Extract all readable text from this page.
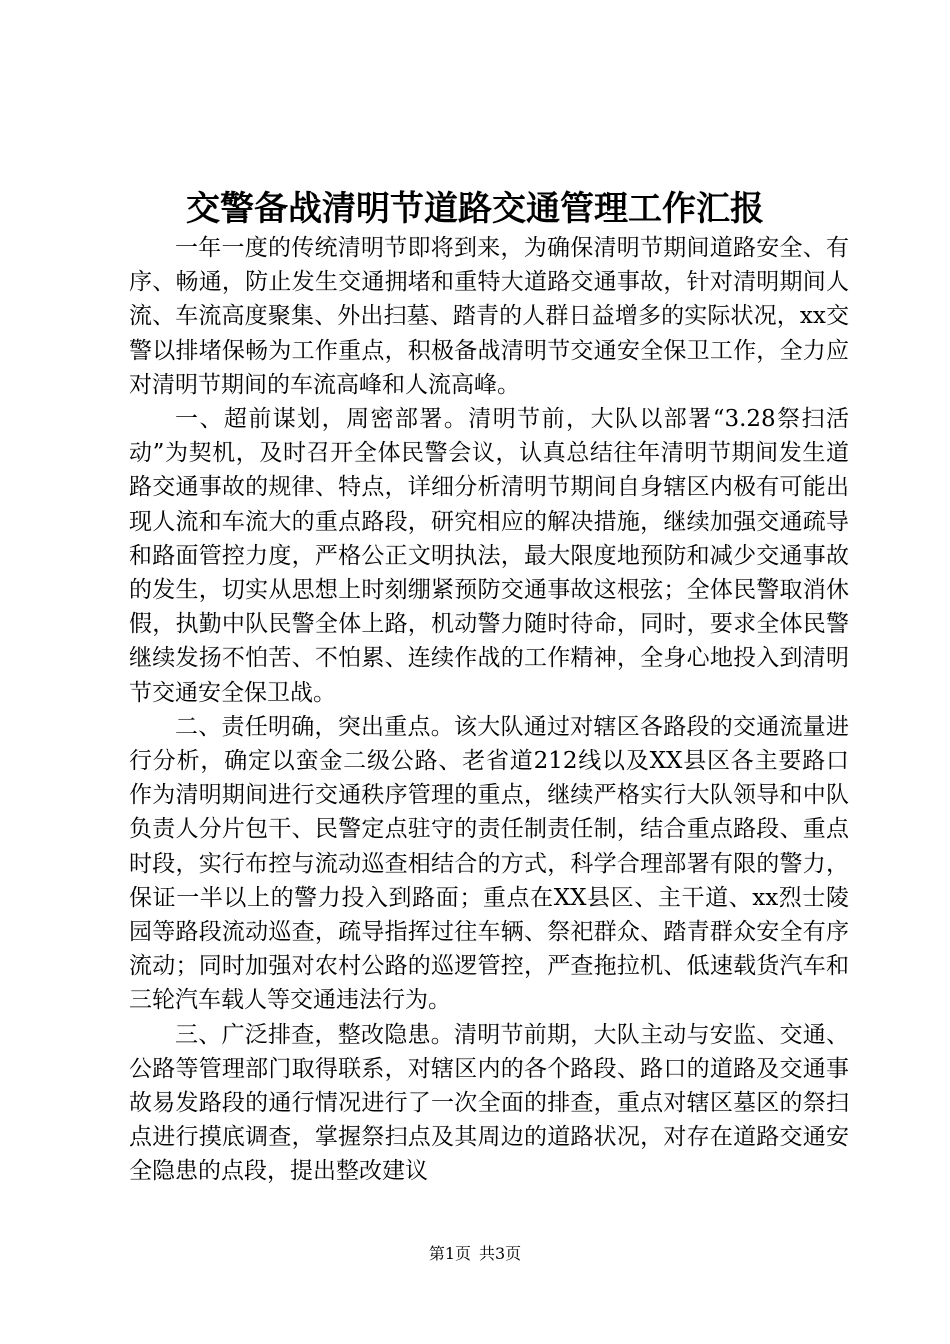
交警备战清明节道路交通管理工作汇报

一年一度的传统清明节即将到来，为确保清明节期间道路安全、有序、畅通，防止发生交通拥堵和重特大道路交通事故，针对清明期间人流、车流高度聚集、外出扫墓、踏青的人群日益增多的实际状况，xx交警以排堵保畅为工作重点，积极备战清明节交通安全保卫工作，全力应对清明节期间的车流高峰和人流高峰。

一、超前谋划，周密部署。清明节前，大队以部署“3.28祭扫活动”为契机，及时召开全体民警会议，认真总结往年清明节期间发生道路交通事故的规律、特点，详细分析清明节期间自身辖区内极有可能出现人流和车流大的重点路段，研究相应的解决措施，继续加强交通疏导和路面管控力度，严格公正文明执法，最大限度地预防和减少交通事故的发生，切实从思想上时刻绷紧预防交通事故这根弦；全体民警取消休假，执勤中队民警全体上路，机动警力随时待命，同时，要求全体民警继续发扬不怕苦、不怕累、连续作战的工作精神，全身心地投入到清明节交通安全保卫战。

二、责任明确，突出重点。该大队通过对辖区各路段的交通流量进行分析，确定以蛮金二级公路、老省道212线以及XX县区各主要路口作为清明期间进行交通秩序管理的重点，继续严格实行大队领导和中队负责人分片包干、民警定点驻守的责任制责任制，结合重点路段、重点时段，实行布控与流动巡查相结合的方式，科学合理部署有限的警力，保证一半以上的警力投入到路面；重点在XX县区、主干道、xx烈士陵园等路段流动巡查，疏导指挥过往车辆、祭祀群众、踏青群众安全有序流动；同时加强对农村公路的巡逻管控，严查拖拉机、低速载货汽车和三轮汽车载人等交通违法行为。

三、广泛排查，整改隐患。清明节前期，大队主动与安监、交通、公路等管理部门取得联系，对辖区内的各个路段、路口的道路及交通事故易发路段的通行情况进行了一次全面的排查，重点对辖区墓区的祭扫点进行摸底调查，掌握祭扫点及其周边的道路状况，对存在道路交通安全隐患的点段，提出整改建议

第1页 共3页
